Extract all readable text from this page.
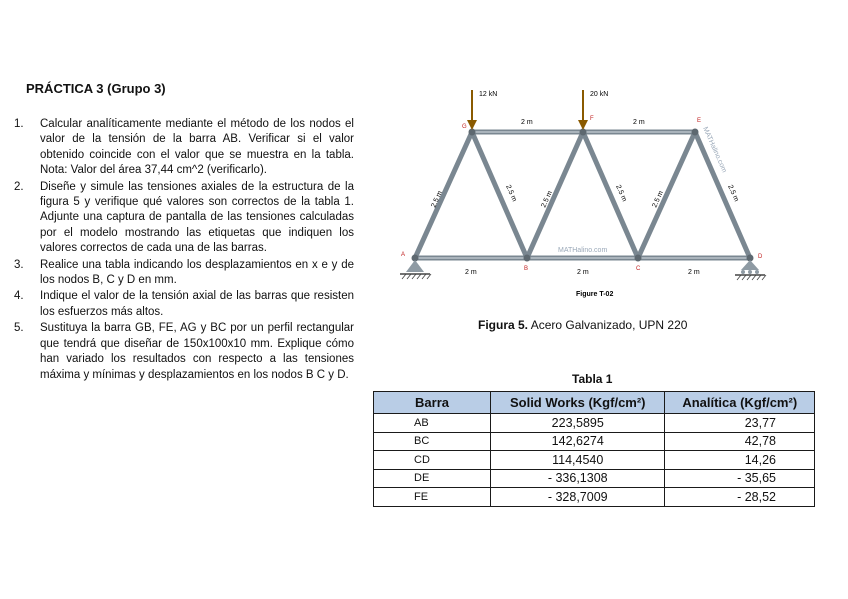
PRÁCTICA 3 (Grupo 3)
1. Calcular analíticamente mediante el método de los nodos el valor de la tensión de la barra AB. Verificar si el valor obtenido coincide con el valor que se muestra en la tabla. Nota: Valor del área 37,44 cm^2 (verificarlo).
2. Diseñe y simule las tensiones axiales de la estructura de la figura 5 y verifique qué valores son correctos de la tabla 1. Adjunte una captura de pantalla de las tensiones calculadas por el modelo mostrando las etiquetas que indiquen los valores correctos de cada una de las barras.
3. Realice una tabla indicando los desplazamientos en x e y de los nodos B, C y D en mm.
4. Indique el valor de la tensión axial de las barras que resisten los esfuerzos más altos.
5. Sustituya la barra GB, FE, AG y BC por un perfil rectangular que tendrá que diseñar de 150x100x10 mm. Explique cómo han variado los resultados con respecto a las tensiones máxima y mínimas y desplazamientos en los nodos B C y D.
12 kN	20 kN
2 m	2 m
2 m	2 m	2 m
2.5 m	2.5 m	2.5 m	2.5 m	2.5 m	2.5 m
G
F	E
A
B	C
D
MATHalino.com
MATHalino.com
Figure T-02
Figura 5. Acero Galvanizado, UPN 220
Tabla 1
Barra	Solid Works (Kgf/cm²)	Analítica (Kgf/cm²)
AB	223,5895	23,77
BC	142,6274	42,78
CD	114,4540	14,26
DE	- 336,1308	- 35,65
FE	- 328,7009	- 28,52
